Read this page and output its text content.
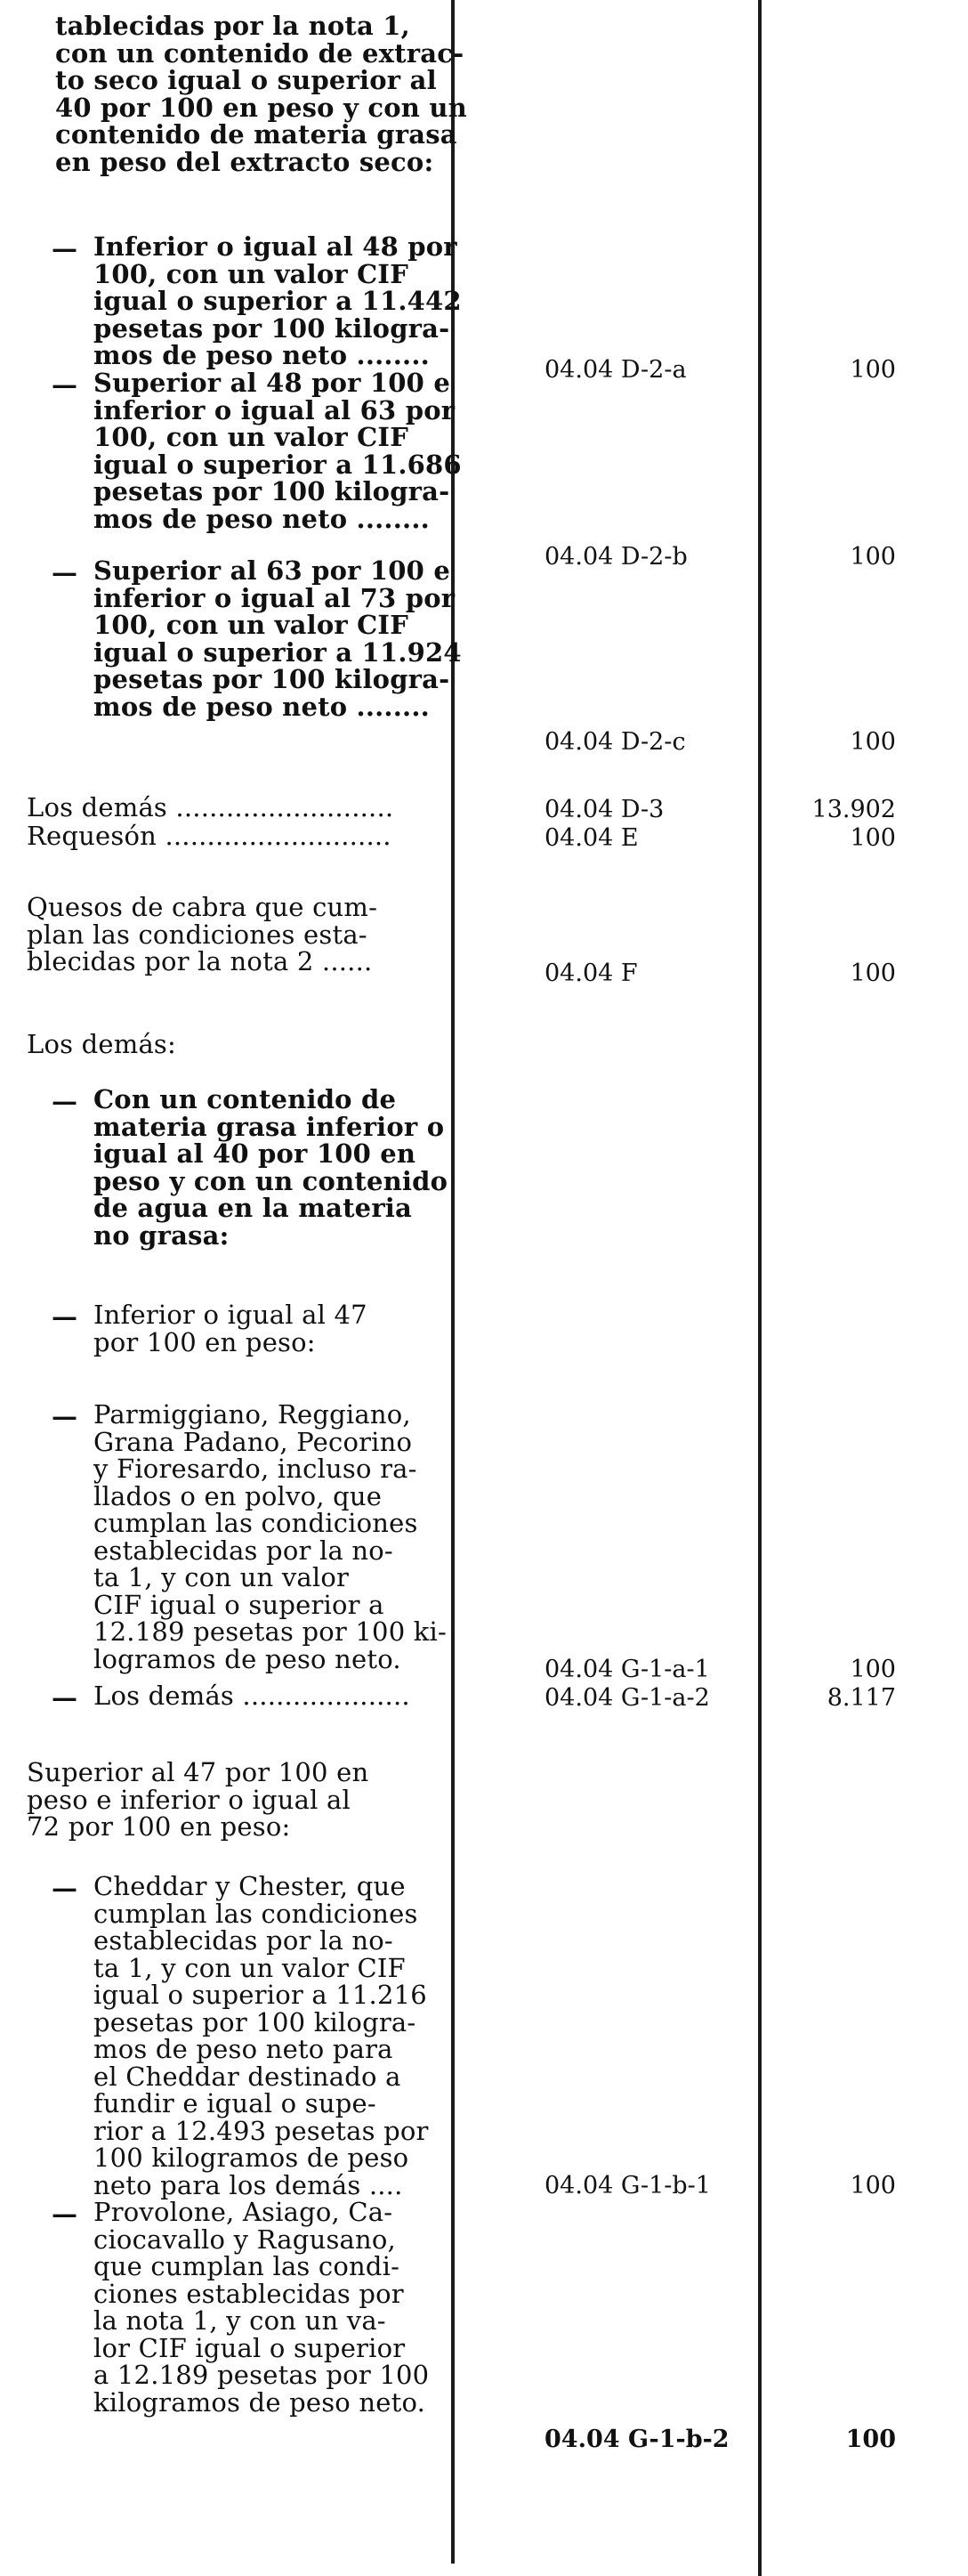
tablecidas por la nota 1,
con un contenido de extrac-
to seco igual o superior al
40 por 100 en peso y con un
contenido de materia grasa
en peso del extracto seco:
— Inferior o igual al 48 por
100, con un valor CIF
igual o superior a 11.442
pesetas por 100 kilogra-
mos de peso neto ........	04.04 D-2-a	100
— Superior al 48 por 100 e
inferior o igual al 63 por
100, con un valor CIF
igual o superior a 11.686
pesetas por 100 kilogra-
mos de peso neto ........
04.04 D-2-b	100
— Superior al 63 por 100 e
inferior o igual al 73 por
100, con un valor CIF
igual o superior a 11.924
pesetas por 100 kilogra-
mos de peso neto ........
04.04 D-2-c	100
Los demás ..........................	04.04 D-3	13.902
Requesón ...........................	04.04 E	100
Quesos de cabra que cum-
plan las condiciones esta-
blecidas por la nota 2 ......	04.04 F	100
Los demás:
— Con un contenido de
materia grasa inferior o
igual al 40 por 100 en
peso y con un contenido
de agua en la materia
no grasa:
— Inferior o igual al 47
por 100 en peso:
— Parmiggiano, Reggiano,
Grana Padano, Pecorino
y Fioresardo, incluso ra-
llados o en polvo, que
cumplan las condiciones
establecidas por la no-
ta 1, y con un valor
CIF igual o superior a
12.189 pesetas por 100 ki-
logramos de peso neto.	04.04 G-1-a-1	100
— Los demás ....................	04.04 G-1-a-2	8.117
Superior al 47 por 100 en
peso e inferior o igual al
72 por 100 en peso:
— Cheddar y Chester, que
cumplan las condiciones
establecidas por la no-
ta 1, y con un valor CIF
igual o superior a 11.216
pesetas por 100 kilogra-
mos de peso neto para
el Cheddar destinado a
fundir e igual o supe-
rior a 12.493 pesetas por
100 kilogramos de peso
neto para los demás ....	04.04 G-1-b-1	100
— Provolone, Asiago, Ca-
ciocavallo y Ragusano,
que cumplan las condi-
ciones establecidas por
la nota 1, y con un va-
lor CIF igual o superior
a 12.189 pesetas por 100
kilogramos de peso neto.
04.04 G-1-b-2	100
